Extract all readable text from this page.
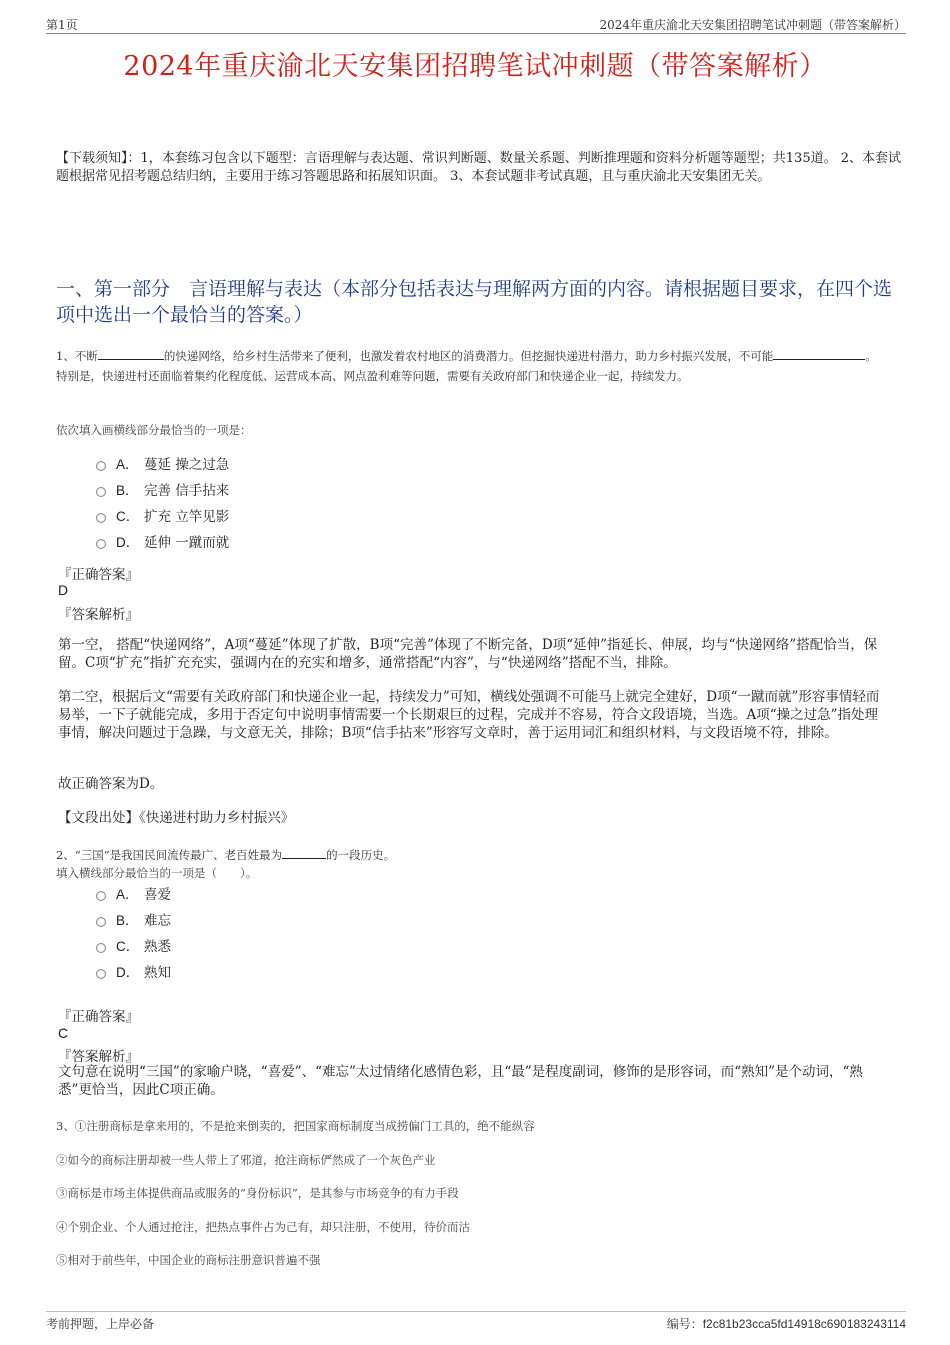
第1页	2024年重庆渝北天安集团招聘笔试冲刺题（带答案解析）
2024年重庆渝北天安集团招聘笔试冲刺题（带答案解析）
【下载须知】：1，本套练习包含以下题型：言语理解与表达题、常识判断题、数量关系题、判断推理题和资料分析题等题型；共135道。 2、本套试题根据常见招考题总结归纳，主要用于练习答题思路和拓展知识面。 3、本套试题非考试真题，且与重庆渝北天安集团无关。
一、第一部分　言语理解与表达（本部分包括表达与理解两方面的内容。请根据题目要求，在四个选项中选出一个最恰当的答案。）
1、不断	的快递网络，给乡村生活带来了便利，也激发着农村地区的消费潜力。但挖掘快递进村潜力，助力乡村振兴发展，不可能	。特别是，快递进村还面临着集约化程度低、运营成本高、网点盈利难等问题，需要有关政府部门和快递企业一起，持续发力。
依次填入画横线部分最恰当的一项是：
A． 蔓延 操之过急
B． 完善 信手拈来
C． 扩充 立竿见影
D． 延伸 一蹴而就
『正确答案』
D
『答案解析』
第一空， 搭配“快递网络”，A项“蔓延”体现了扩散，B项“完善”体现了不断完备，D项“延伸”指延长、伸展，均与“快递网络”搭配恰当，保留。C项“扩充”指扩充充实，强调内在的充实和增多，通常搭配“内容”，与“快递网络”搭配不当，排除。
第二空，根据后文“需要有关政府部门和快递企业一起，持续发力”可知，横线处强调不可能马上就完全建好，D项“一蹴而就”形容事情轻而易举，一下子就能完成，多用于否定句中说明事情需要一个长期艰巨的过程，完成并不容易，符合文段语境，当选。A项“操之过急”指处理事情，解决问题过于急躁，与文意无关，排除；B项“信手拈来”形容写文章时，善于运用词汇和组织材料，与文段语境不符，排除。
故正确答案为D。
【文段出处】《快递进村助力乡村振兴》
2、“三国”是我国民间流传最广、老百姓最为	的一段历史。
填入横线部分最恰当的一项是（　　）。
A． 喜爱
B． 难忘
C． 熟悉
D． 熟知
『正确答案』
C
『答案解析』
文句意在说明“三国”的家喻户晓，“喜爱”、“难忘”太过情绪化感情色彩，且“最”是程度副词，修饰的是形容词，而“熟知”是个动词，“熟悉”更恰当，因此C项正确。
3、①注册商标是拿来用的，不是抢来倒卖的，把国家商标制度当成捞偏门工具的，绝不能纵容
②如今的商标注册却被一些人带上了邪道，抢注商标俨然成了一个灰色产业
③商标是市场主体提供商品或服务的“身份标识”，是其参与市场竞争的有力手段
④个别企业、个人通过抢注，把热点事件占为己有，却只注册，不使用，待价而沽
⑤相对于前些年，中国企业的商标注册意识普遍不强
考前押题，上岸必备	编号：f2c81b23cca5fd14918c690183243114
